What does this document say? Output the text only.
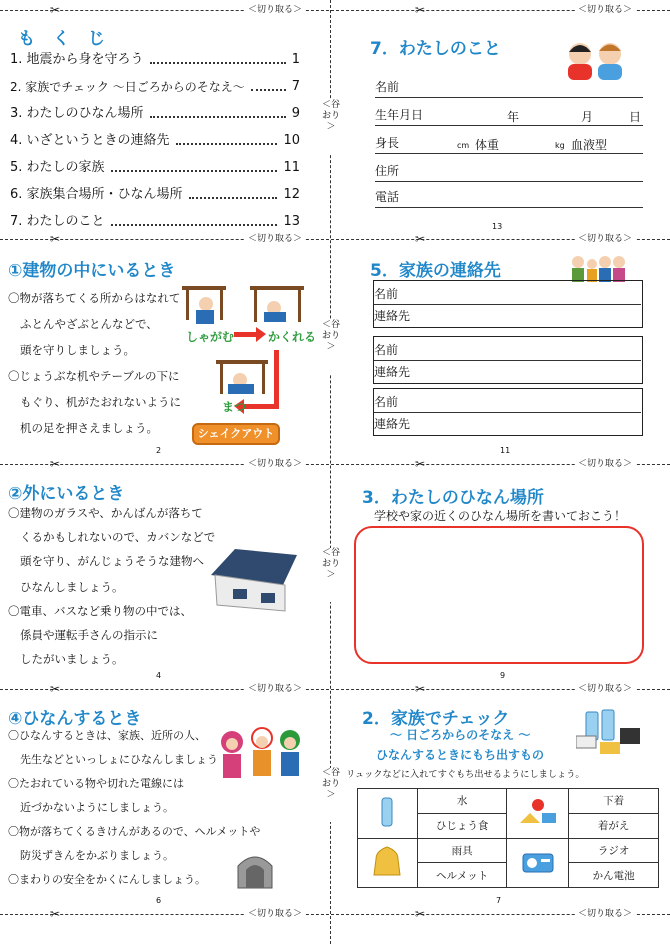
＜切り取る＞	＜切り取る＞
＜切り取る＞	＜切り取る＞
＜切り取る＞	＜切り取る＞
＜切り取る＞	＜切り取る＞
＜切り取る＞	＜切り取る＞
✂	✂
✂	✂
✂	✂
✂	✂
✂	✂
＜谷おり＞
＜谷おり＞
＜谷おり＞
＜谷おり＞
も く じ
1. 地震から身を守ろう	1
2. 家族でチェック ～日ごろからのそなえ～	7
3. わたしのひなん場所	9
4. いざというときの連絡先	10
5. わたしの家族	11
6. 家族集合場所・ひなん場所	12
7. わたしのこと	13
7．わたしのこと
名前
生年月日	年	月	日
身長	cm 体重	kg 血液型
住所
電話
13
①建物の中にいるとき
〇物が落ちてくる所からはなれて
ふとんやざぶとんなどで、
頭を守りしましょう。
〇じょうぶな机やテーブルの下に
もぐり、机がたおれないように
机の足を押さえましょう。
しゃがむ	かくれる
まつ
シェイクアウト
2
5．家族の連絡先
名前
連絡先
名前
連絡先
名前
連絡先
11
②外にいるとき
〇建物のガラスや、かんばんが落ちて
くるかもしれないので、カバンなどで
頭を守り、がんじょうそうな建物へ
ひなんしましょう。
〇電車、バスなど乗り物の中では、
係員や運転手さんの指示に
したがいましょう。
4
3．わたしのひなん場所
学校や家の近くのひなん場所を書いておこう！
9
④ひなんするとき
〇ひなんするときは、家族、近所の人、
先生などといっしょにひなんしましょう
〇たおれている物や切れた電線には
近づかないようにしましょう。
〇物が落ちてくるきけんがあるので、ヘルメットや
防災ずきんをかぶりましょう。
〇まわりの安全をかくにんしましょう。
6
2．家族でチェック
～ 日ごろからのそなえ ～
ひなんするときにもち出すもの
リュックなどに入れてすぐもち出せるようにしましょう。
	水		下着
	ひじょう食		着がえ
	雨具		ラジオ
	ヘルメット		かん電池
7
